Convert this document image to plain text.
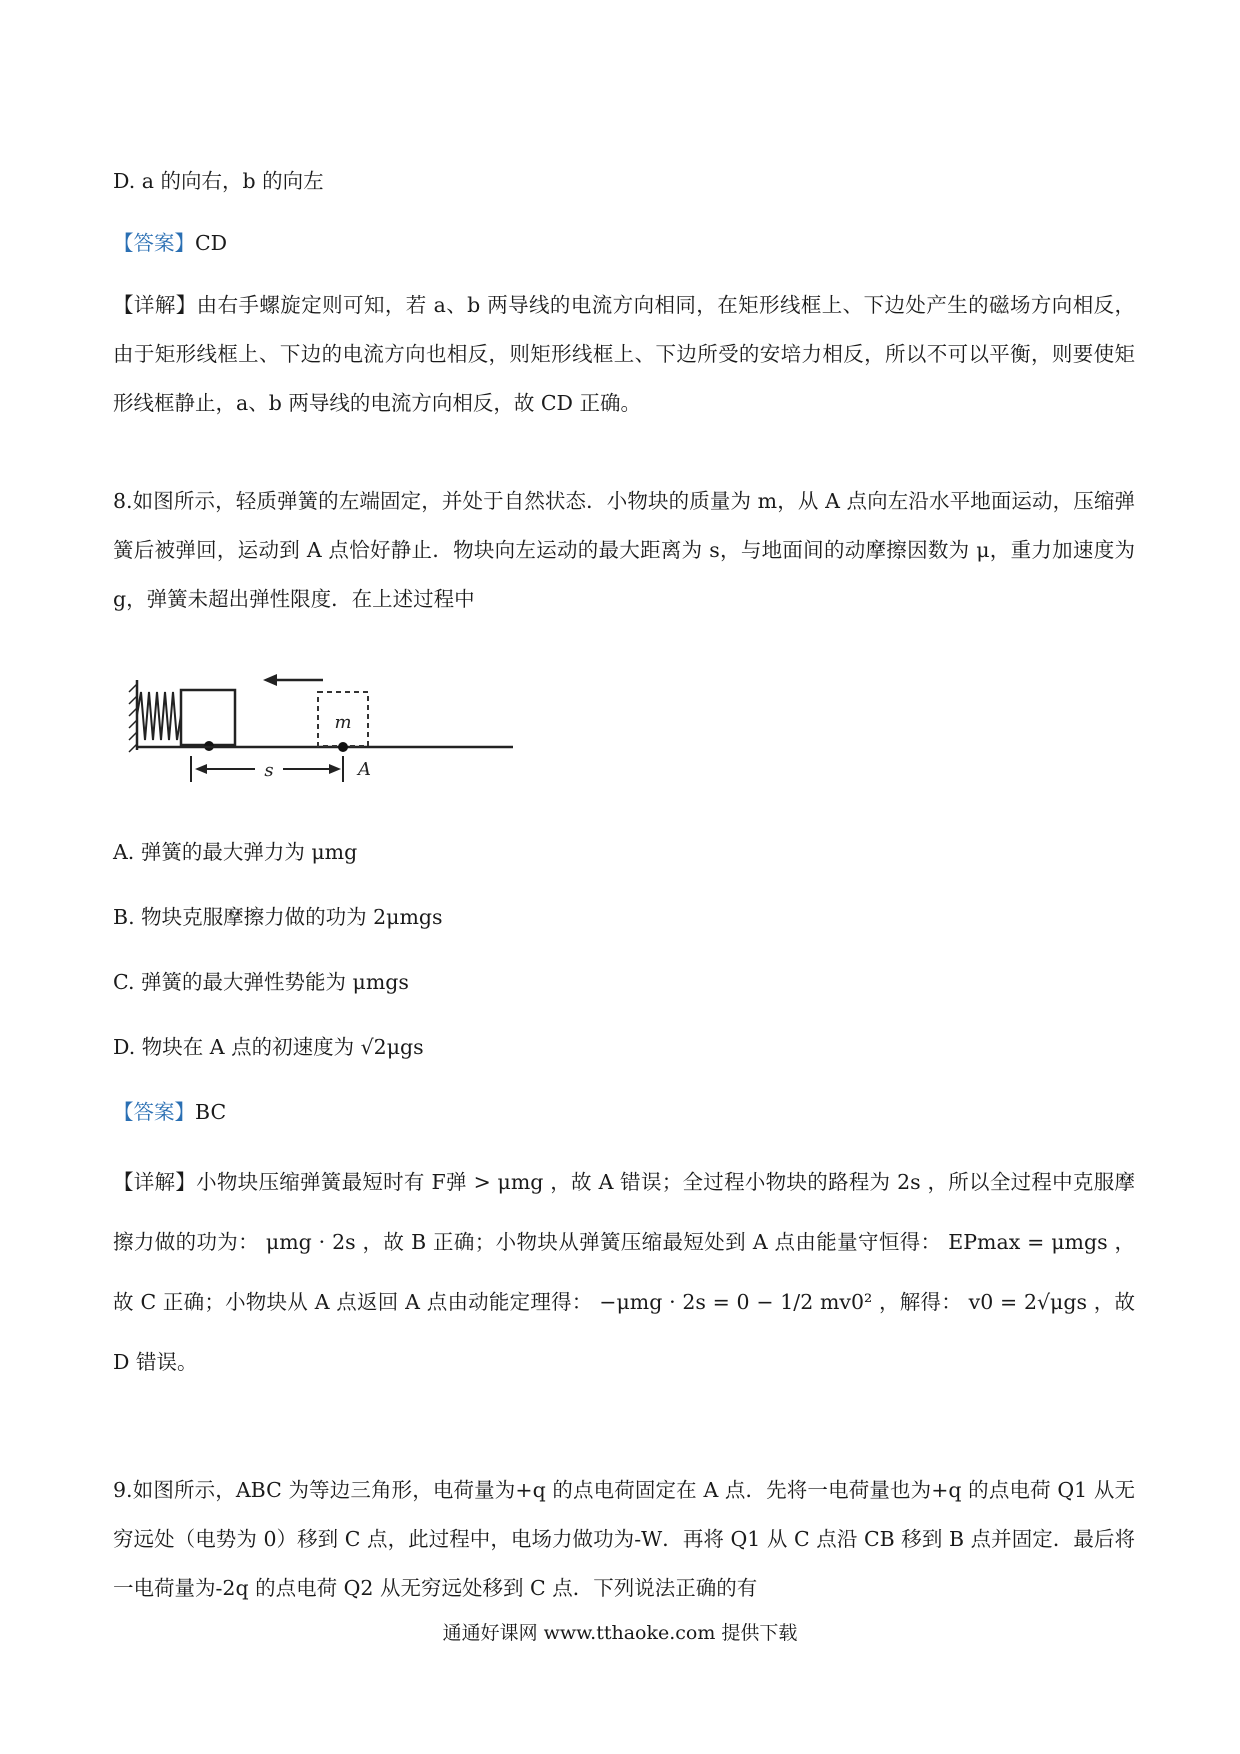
D. a 的向右，b 的向左
【答案】CD
【详解】由右手螺旋定则可知，若 a、b 两导线的电流方向相同，在矩形线框上、下边处产生的磁场方向相反，由于矩形线框上、下边的电流方向也相反，则矩形线框上、下边所受的安培力相反，所以不可以平衡，则要使矩形线框静止，a、b 两导线的电流方向相反，故 CD 正确。
8.如图所示，轻质弹簧的左端固定，并处于自然状态．小物块的质量为 m，从 A 点向左沿水平地面运动，压缩弹簧后被弹回，运动到 A 点恰好静止．物块向左运动的最大距离为 s，与地面间的动摩擦因数为 μ，重力加速度为 g，弹簧未超出弹性限度．在上述过程中
m
s	A
A. 弹簧的最大弹力为 μmg
B. 物块克服摩擦力做的功为 2μmgs
C. 弹簧的最大弹性势能为 μmgs
D. 物块在 A 点的初速度为 √2μgs
【答案】BC
【详解】小物块压缩弹簧最短时有 F弹 > μmg ，故 A 错误；全过程小物块的路程为 2s ，所以全过程中克服摩擦力做的功为： μmg · 2s ，故 B 正确；小物块从弹簧压缩最短处到 A 点由能量守恒得： EPmax = μmgs ，故 C 正确；小物块从 A 点返回 A 点由动能定理得： −μmg · 2s = 0 − 1/2 mv0² ，解得： v0 = 2√μgs ，故 D 错误。
9.如图所示，ABC 为等边三角形，电荷量为+q 的点电荷固定在 A 点．先将一电荷量也为+q 的点电荷 Q1 从无穷远处（电势为 0）移到 C 点，此过程中，电场力做功为-W．再将 Q1 从 C 点沿 CB 移到 B 点并固定．最后将一电荷量为-2q 的点电荷 Q2 从无穷远处移到 C 点．下列说法正确的有
通通好课网 www.tthaoke.com 提供下载
